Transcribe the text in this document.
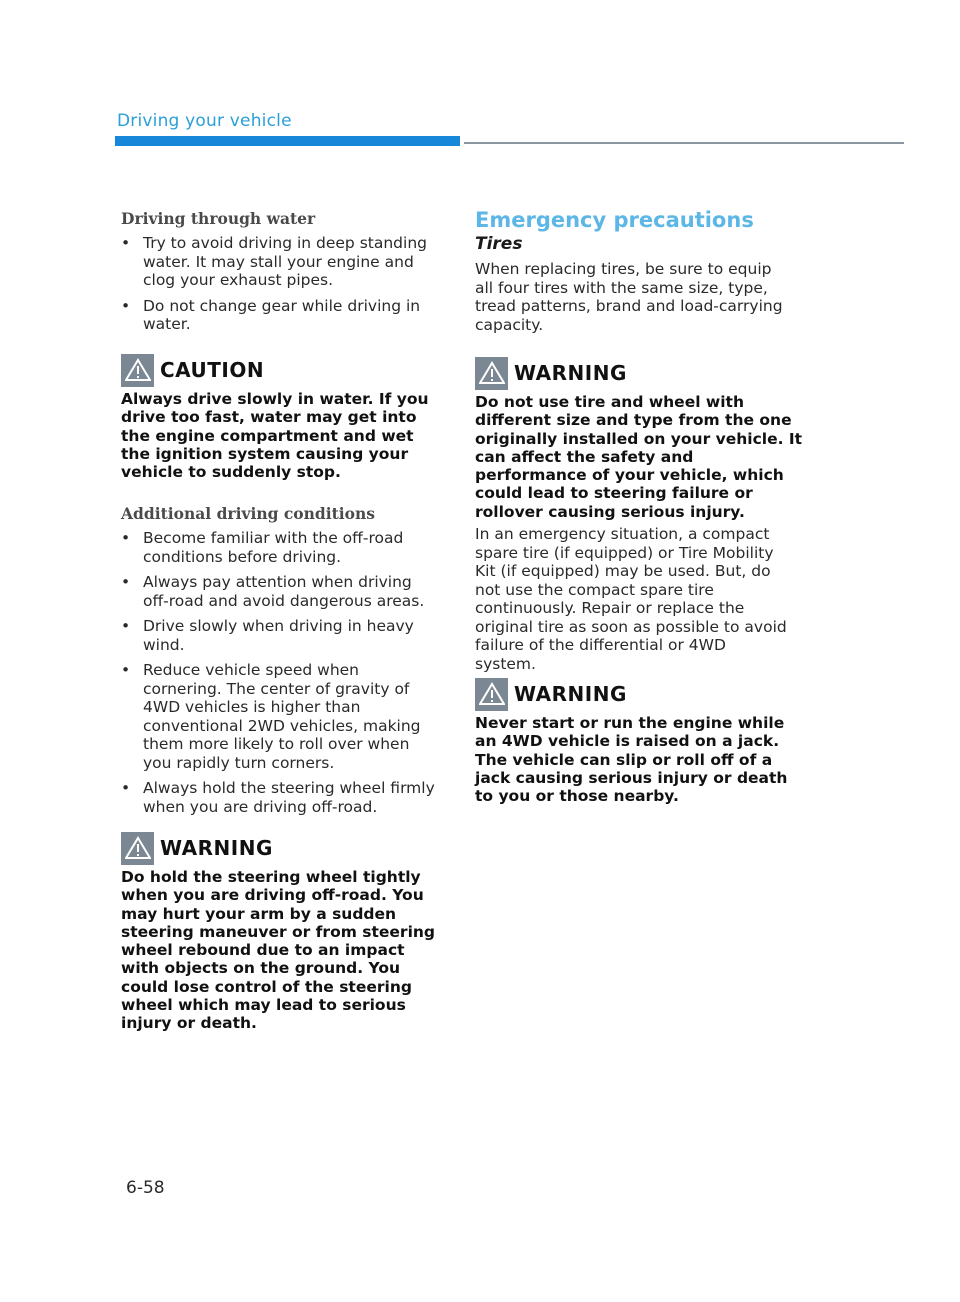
Driving your vehicle
Driving through water
• Try to avoid driving in deep standing water. It may stall your engine and clog your exhaust pipes.
• Do not change gear while driving in water.
CAUTION

Always drive slowly in water. If you drive too fast, water may get into the engine compartment and wet the ignition system causing your vehicle to suddenly stop.

Additional driving conditions
• Become familiar with the off-road conditions before driving.
• Always pay attention when driving off-road and avoid dangerous areas.
• Drive slowly when driving in heavy wind.
• Reduce vehicle speed when cornering. The center of gravity of 4WD vehicles is higher than conventional 2WD vehicles, making them more likely to roll over when you rapidly turn corners.
• Always hold the steering wheel firmly when you are driving off-road.
WARNING

Do hold the steering wheel tightly when you are driving off-road. You may hurt your arm by a sudden steering maneuver or from steering wheel rebound due to an impact with objects on the ground. You could lose control of the steering wheel which may lead to serious injury or death.

Emergency precautions
Tires

When replacing tires, be sure to equip all four tires with the same size, type, tread patterns, brand and load-carrying capacity.

WARNING

Do not use tire and wheel with different size and type from the one originally installed on your vehicle. It can affect the safety and performance of your vehicle, which could lead to steering failure or rollover causing serious injury.

In an emergency situation, a compact spare tire (if equipped) or Tire Mobility Kit (if equipped) may be used. But, do not use the compact spare tire continuously. Repair or replace the original tire as soon as possible to avoid failure of the differential or 4WD system.

WARNING

Never start or run the engine while an 4WD vehicle is raised on a jack. The vehicle can slip or roll off of a jack causing serious injury or death to you or those nearby.

6-58
